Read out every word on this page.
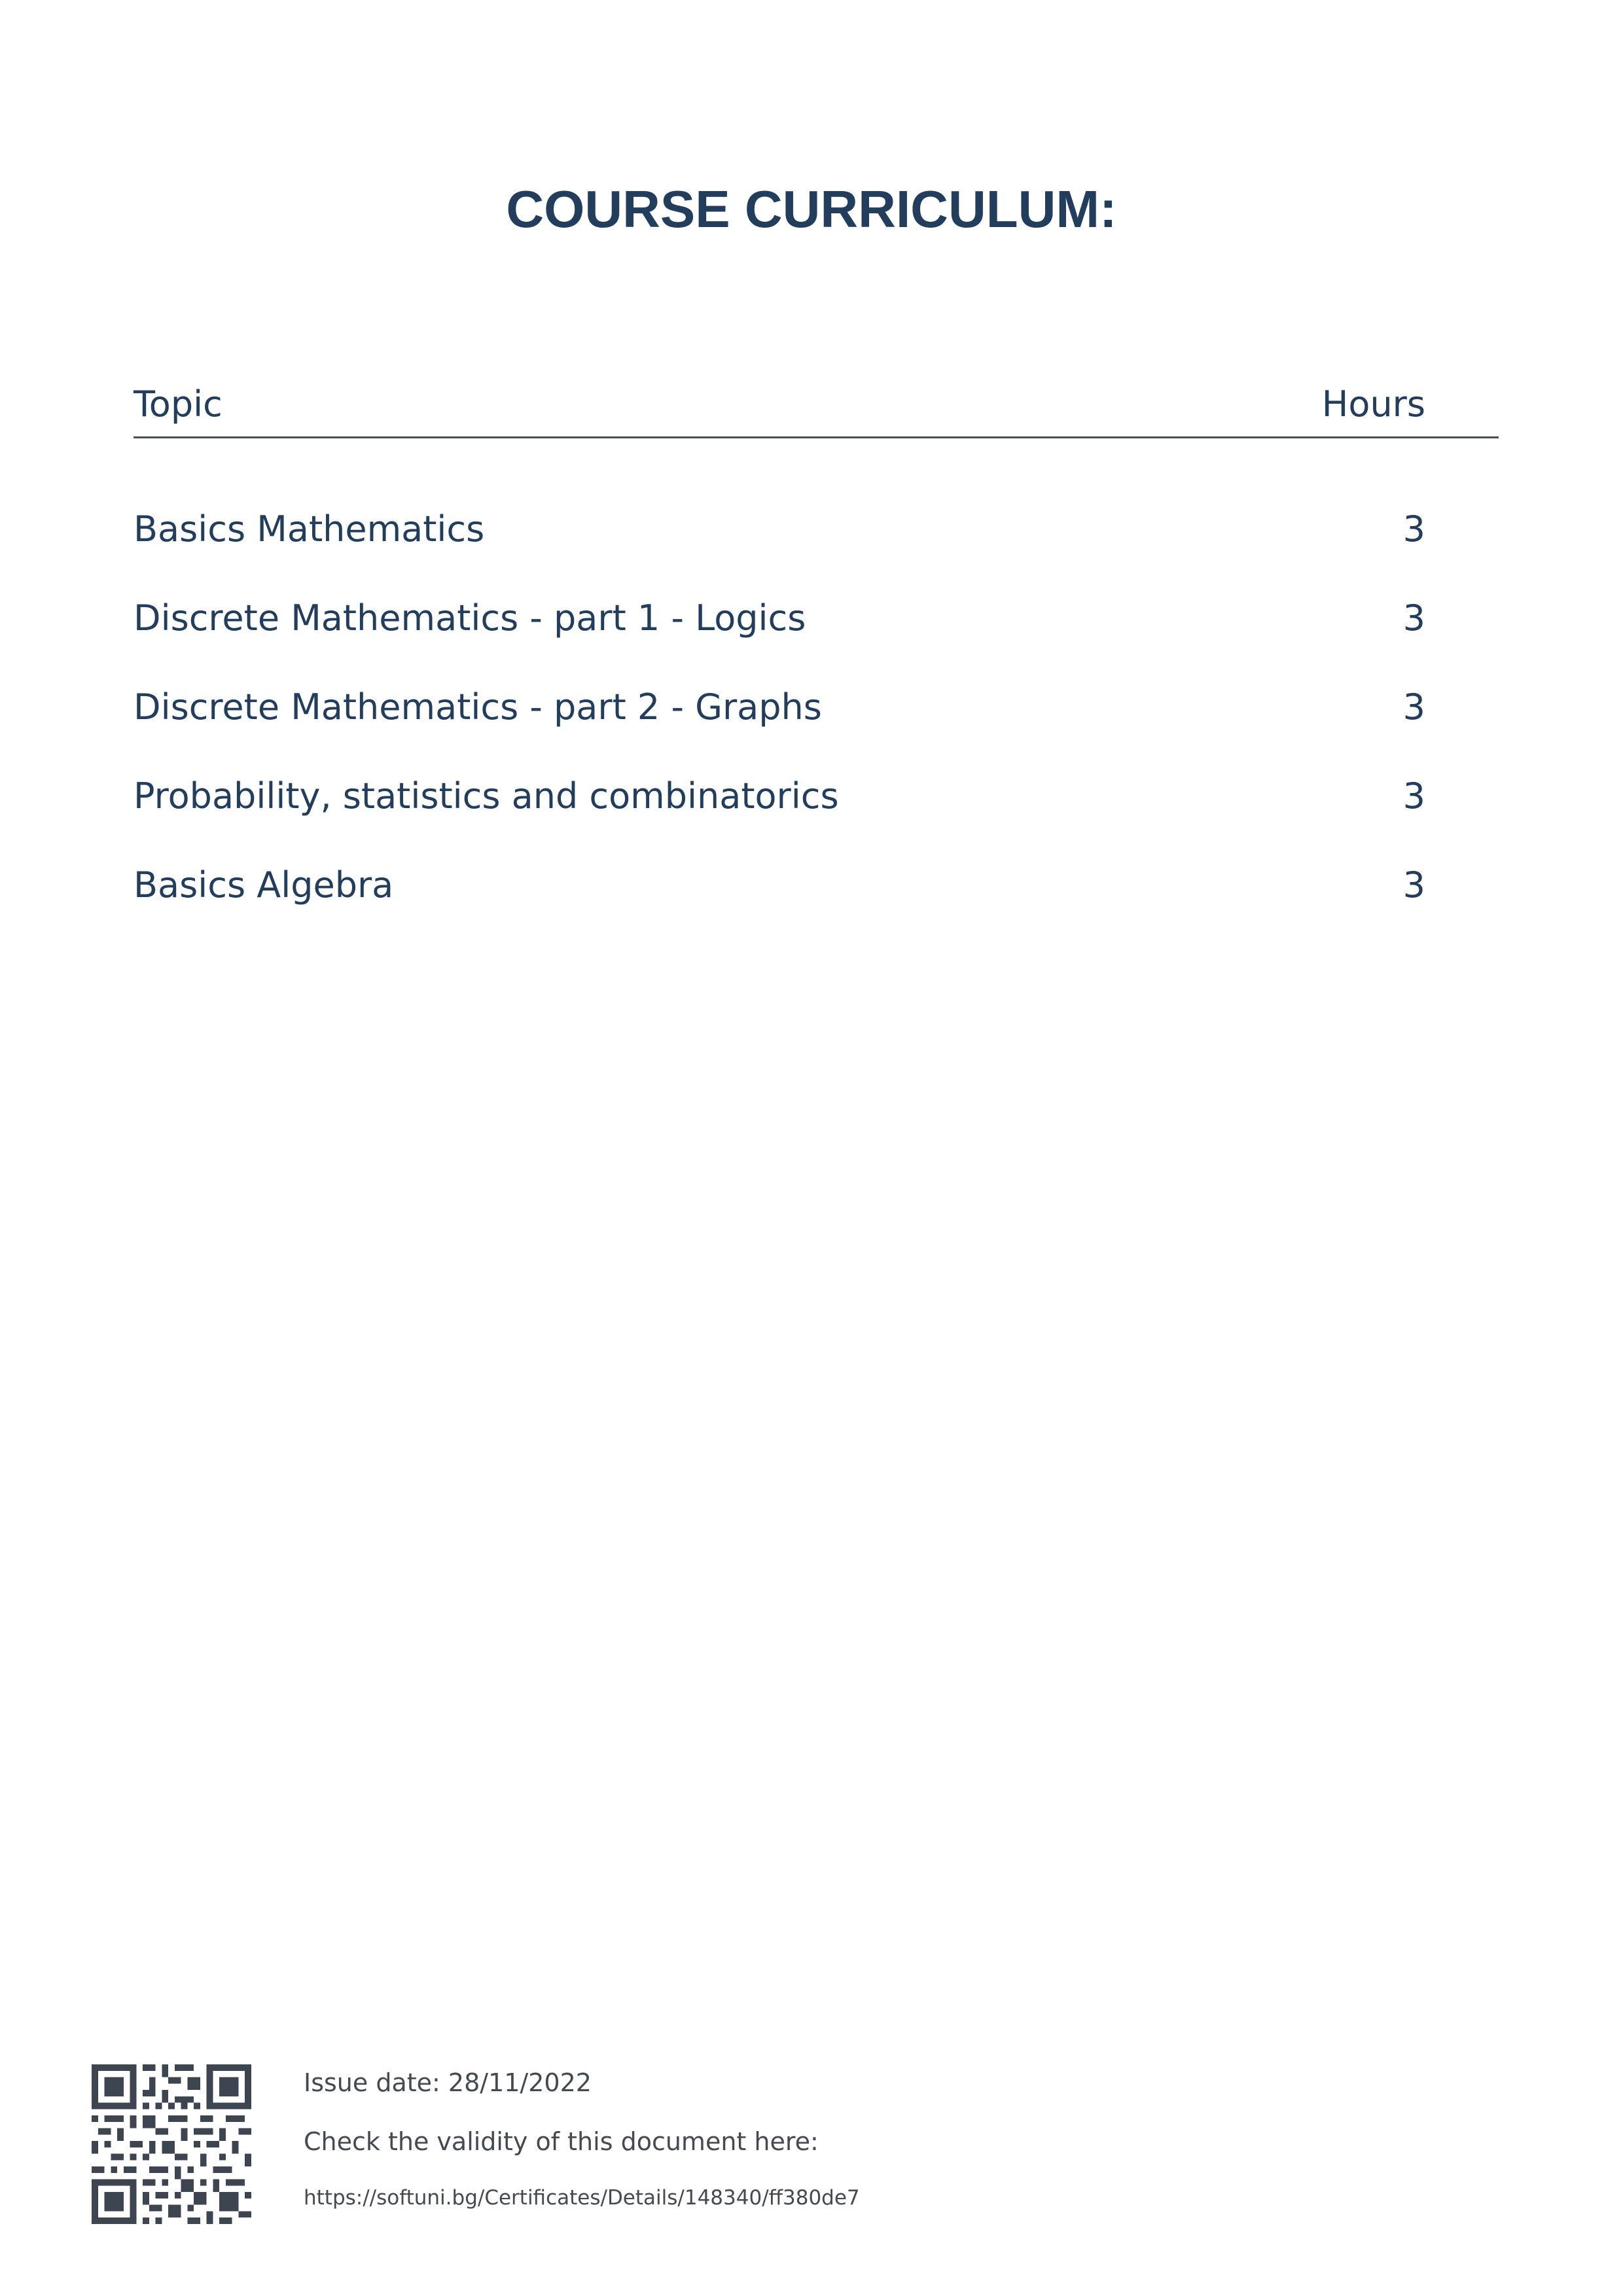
COURSE CURRICULUM:
Topic	Hours
Basics Mathematics	3
Discrete Mathematics - part 1 - Logics	3
Discrete Mathematics - part 2 - Graphs	3
Probability, statistics and combinatorics	3
Basics Algebra	3
Issue date: 28/11/2022
Check the validity of this document here:
https://softuni.bg/Certificates/Details/148340/ff380de7
